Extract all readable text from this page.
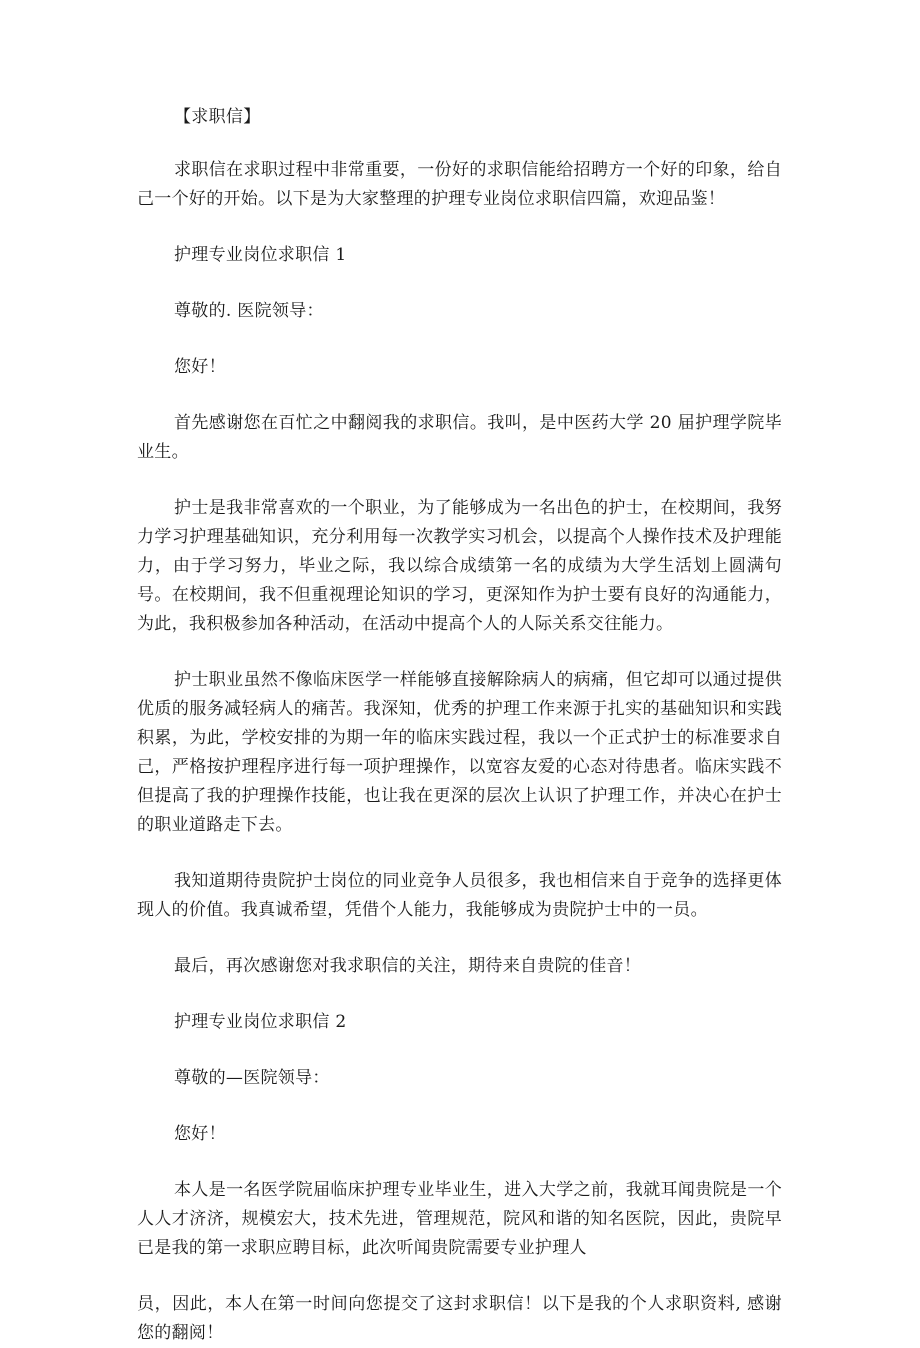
【求职信】

求职信在求职过程中非常重要，一份好的求职信能给招聘方一个好的印象，给自己一个好的开始。以下是为大家整理的护理专业岗位求职信四篇，欢迎品鉴！

护理专业岗位求职信 1

尊敬的. 医院领导：

您好！

首先感谢您在百忙之中翻阅我的求职信。我叫，是中医药大学 20 届护理学院毕业生。

护士是我非常喜欢的一个职业，为了能够成为一名出色的护士，在校期间，我努力学习护理基础知识，充分利用每一次教学实习机会，以提高个人操作技术及护理能力，由于学习努力，毕业之际，我以综合成绩第一名的成绩为大学生活划上圆满句号。在校期间，我不但重视理论知识的学习，更深知作为护士要有良好的沟通能力，为此，我积极参加各种活动，在活动中提高个人的人际关系交往能力。

护士职业虽然不像临床医学一样能够直接解除病人的病痛，但它却可以通过提供优质的服务减轻病人的痛苦。我深知，优秀的护理工作来源于扎实的基础知识和实践积累，为此，学校安排的为期一年的临床实践过程，我以一个正式护士的标准要求自己，严格按护理程序进行每一项护理操作，以宽容友爱的心态对待患者。临床实践不但提高了我的护理操作技能，也让我在更深的层次上认识了护理工作，并决心在护士的职业道路走下去。

我知道期待贵院护士岗位的同业竞争人员很多，我也相信来自于竞争的选择更体现人的价值。我真诚希望，凭借个人能力，我能够成为贵院护士中的一员。

最后，再次感谢您对我求职信的关注，期待来自贵院的佳音！

护理专业岗位求职信 2

尊敬的—医院领导：

您好！

本人是一名医学院届临床护理专业毕业生，进入大学之前，我就耳闻贵院是一个人人才济济，规模宏大，技术先进，管理规范，院风和谐的知名医院，因此，贵院早已是我的第一求职应聘目标，此次听闻贵院需要专业护理人

员，因此，本人在第一时间向您提交了这封求职信！以下是我的个人求职资料, 感谢您的翻阅！
